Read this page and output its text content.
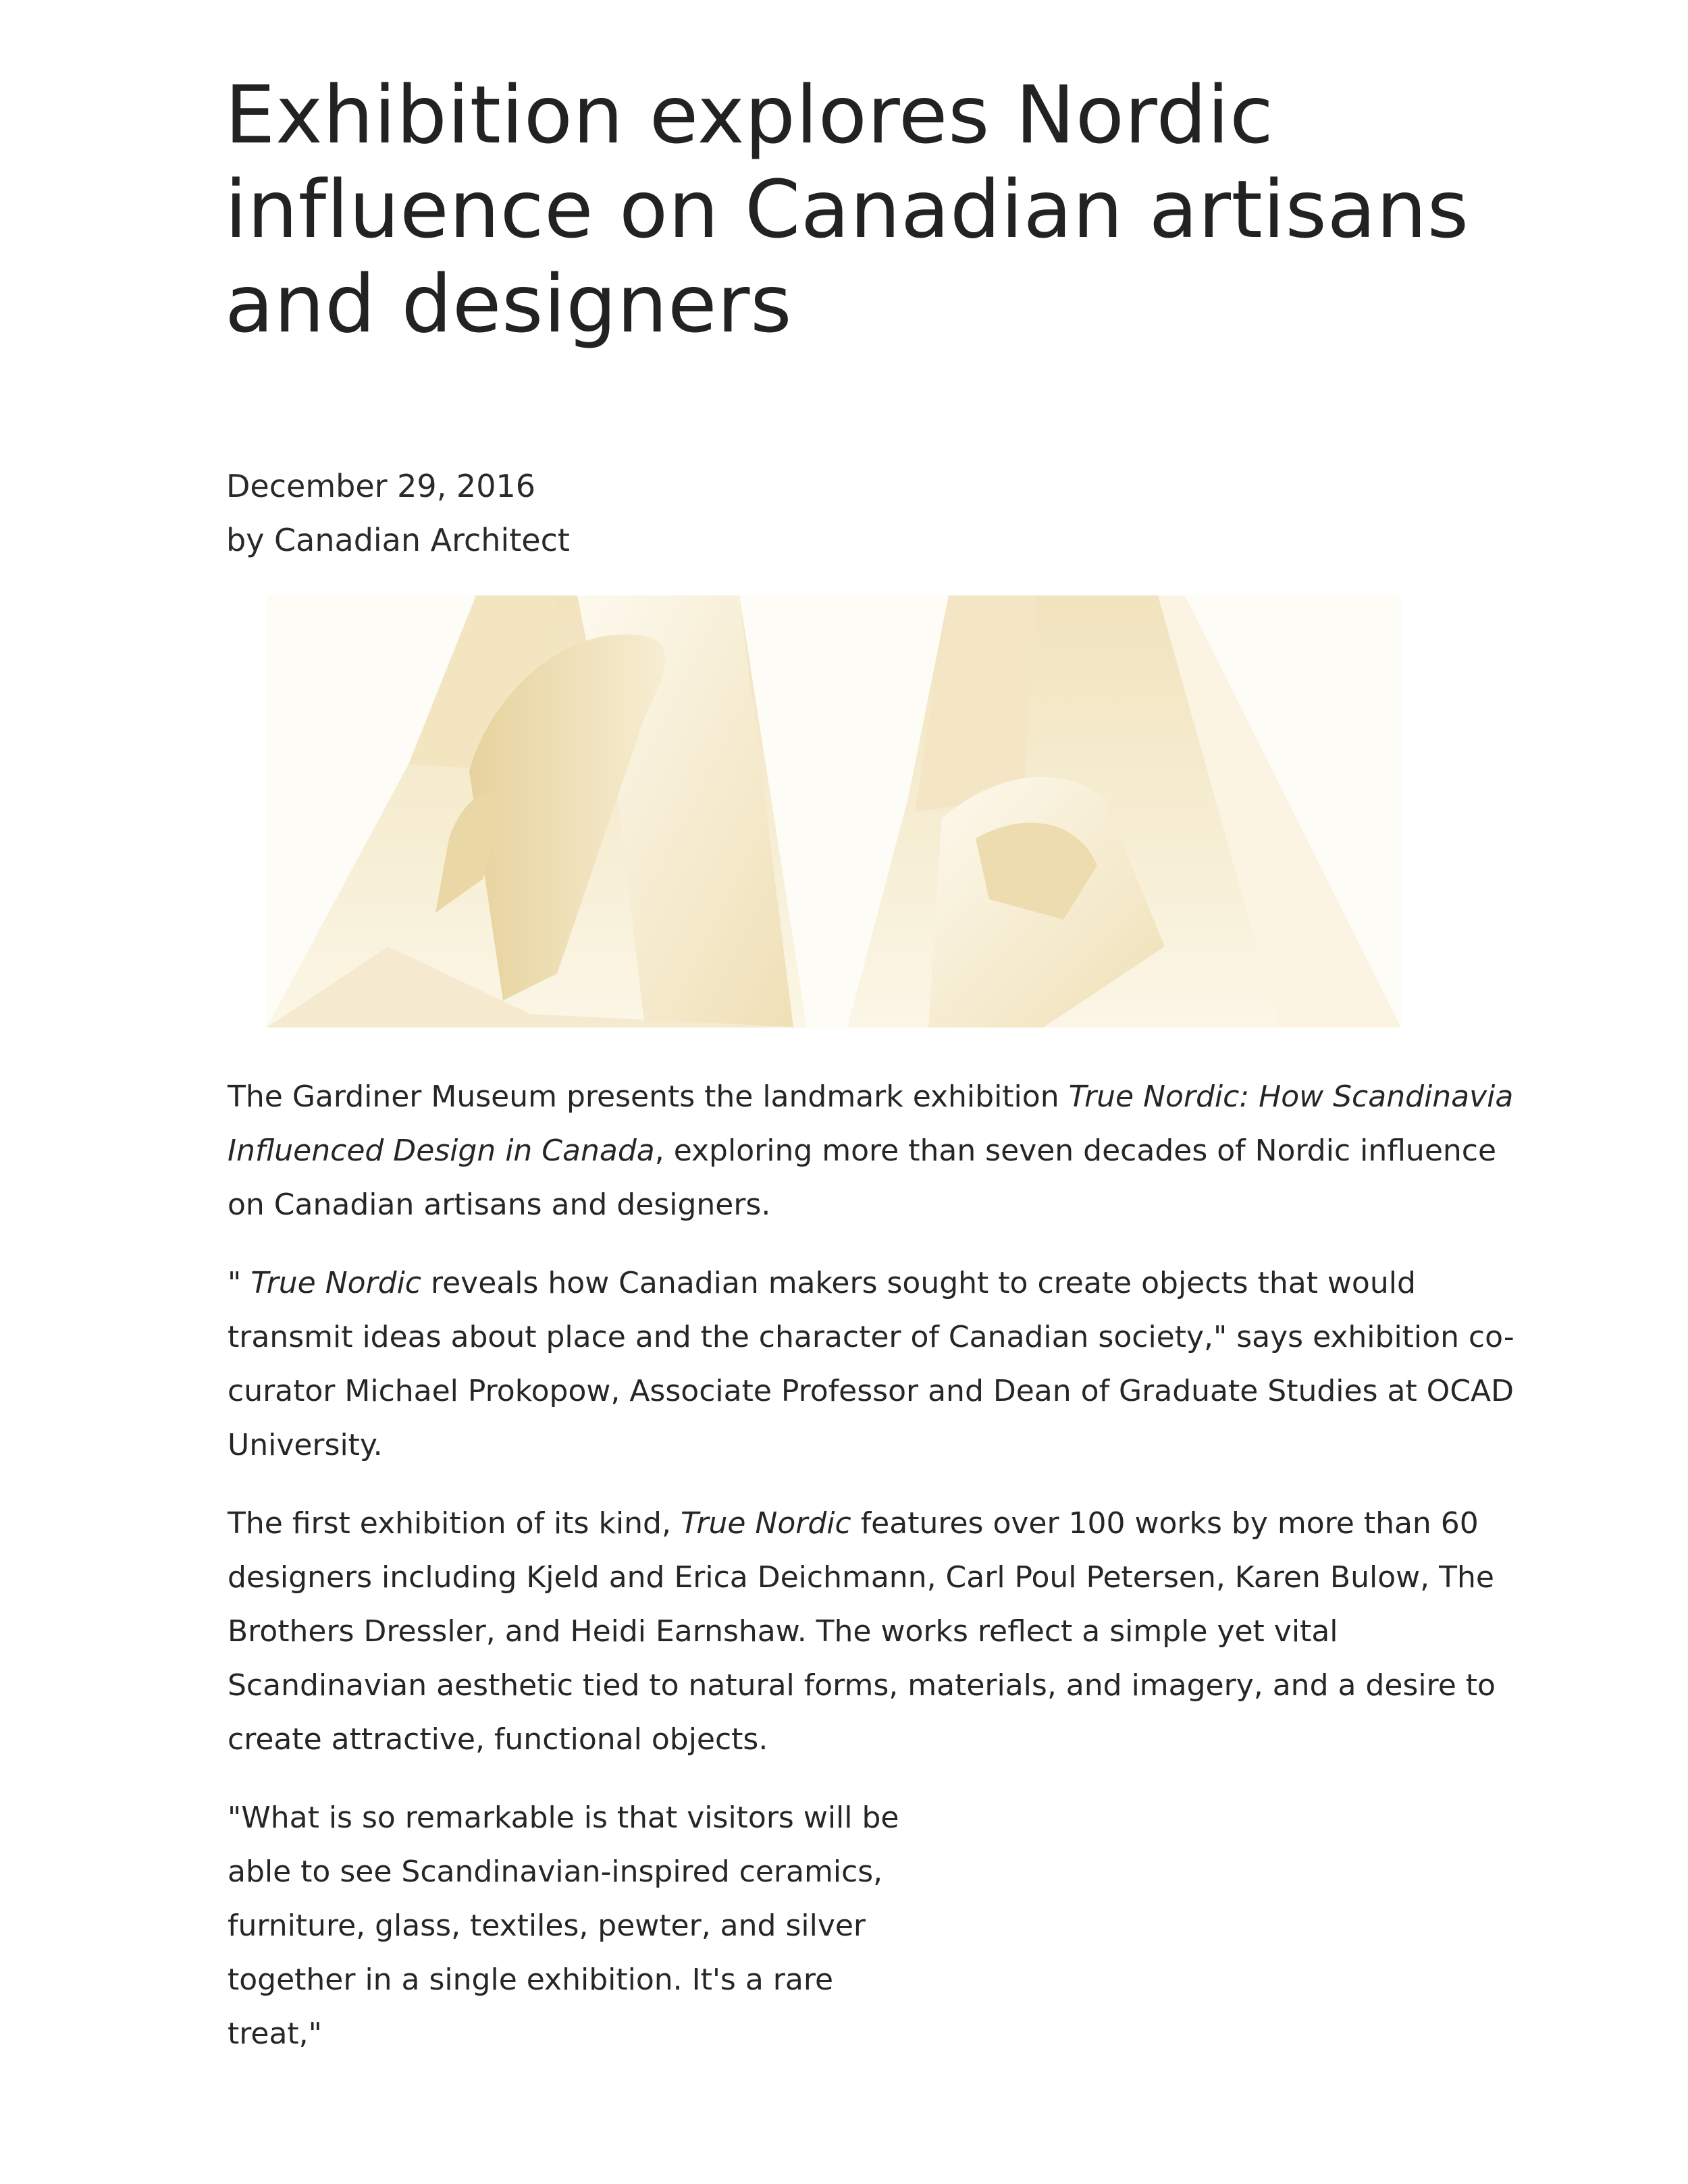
Exhibition explores Nordic influence on Canadian artisans and designers
December 29, 2016
by Canadian Architect

The Gardiner Museum presents the landmark exhibition True Nordic: How Scandinavia Influenced Design in Canada, exploring more than seven decades of Nordic influence on Canadian artisans and designers.

" True Nordic reveals how Canadian makers sought to create objects that would transmit ideas about place and the character of Canadian society," says exhibition co-curator Michael Prokopow, Associate Professor and Dean of Graduate Studies at OCAD University.

The first exhibition of its kind, True Nordic features over 100 works by more than 60 designers including Kjeld and Erica Deichmann, Carl Poul Petersen, Karen Bulow, The Brothers Dressler, and Heidi Earnshaw. The works reflect a simple yet vital Scandinavian aesthetic tied to natural forms, materials, and imagery, and a desire to create attractive, functional objects.

"What is so remarkable is that visitors will be able to see Scandinavian-inspired ceramics, furniture, glass, textiles, pewter, and silver together in a single exhibition. It's a rare treat,"
